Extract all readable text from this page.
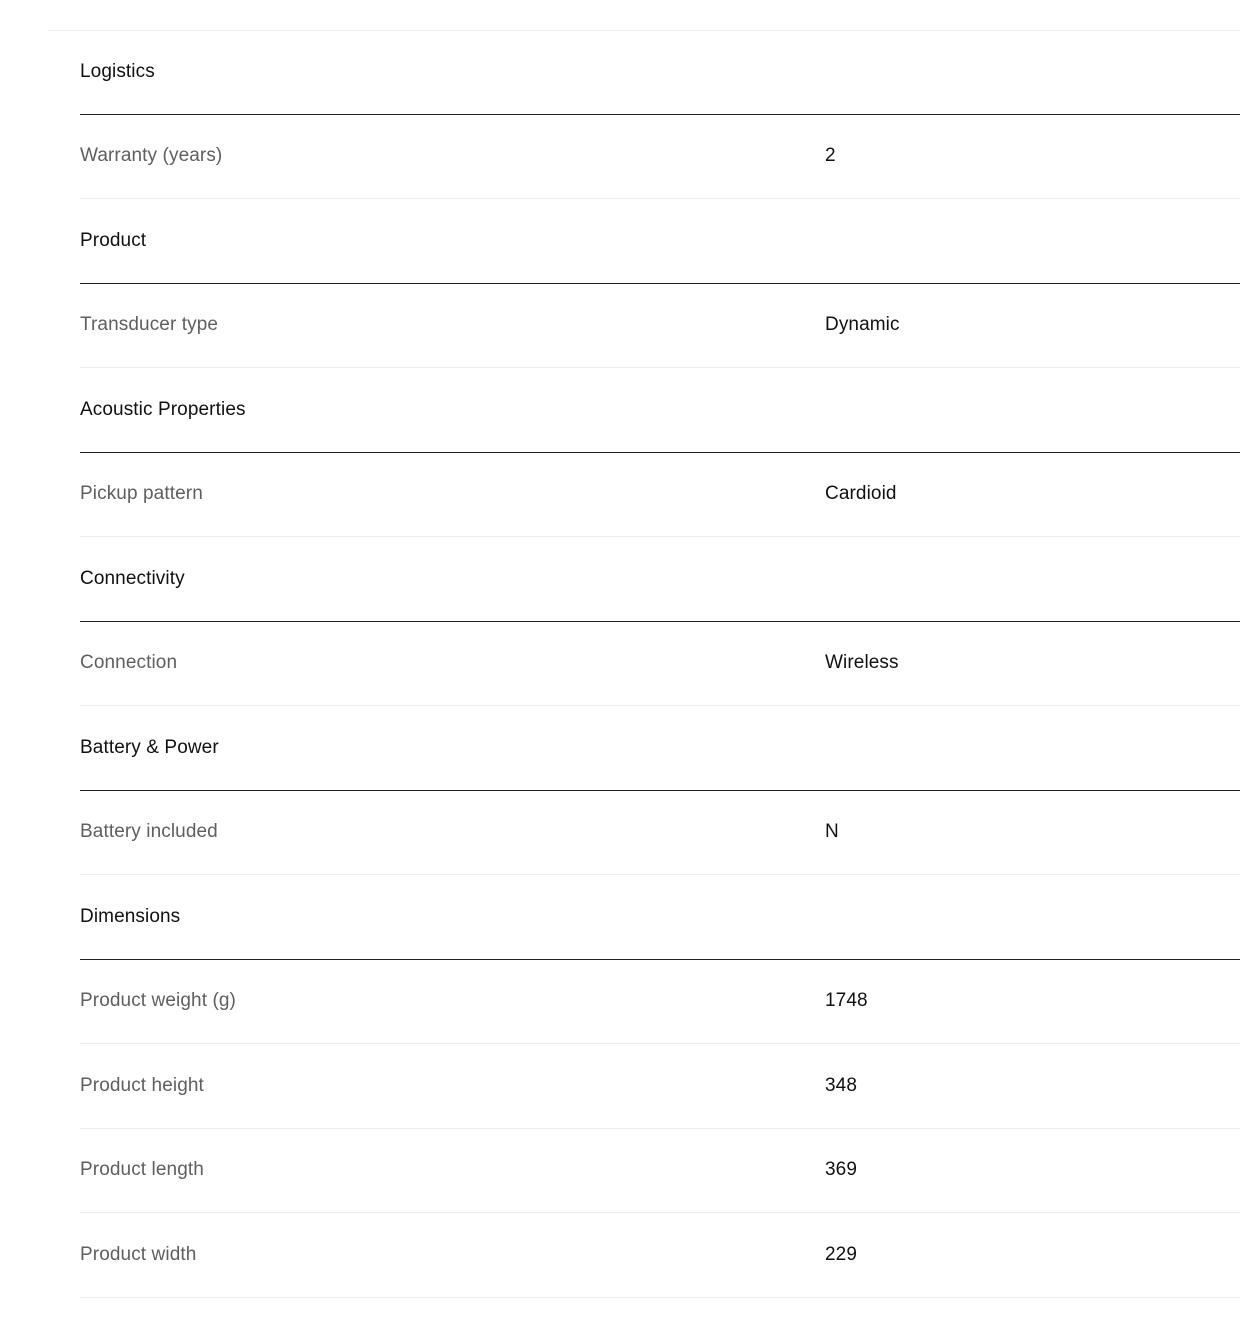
Logistics
Warranty (years)	2
Product
Transducer type	Dynamic
Acoustic Properties
Pickup pattern	Cardioid
Connectivity
Connection	Wireless
Battery & Power
Battery included	N
Dimensions
Product weight (g)	1748
Product height	348
Product length	369
Product width	229
